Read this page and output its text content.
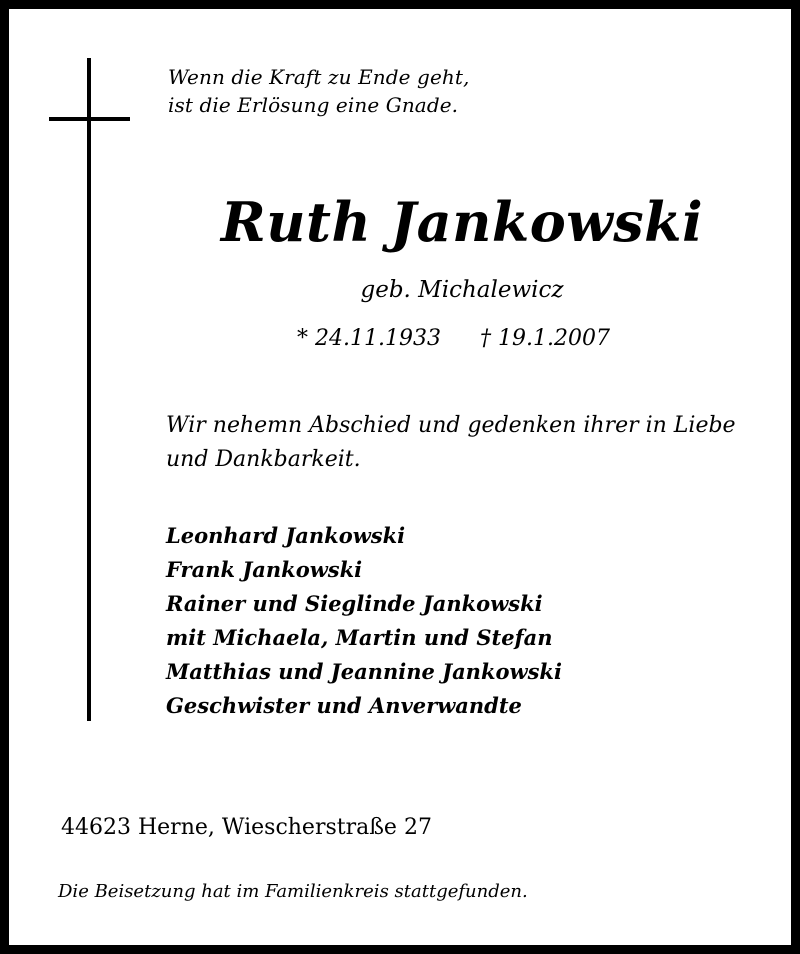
Wenn die Kraft zu Ende geht,
ist die Erlösung eine Gnade.
Ruth Jankowski
geb. Michalewicz
* 24.11.1933 † 19.1.2007
Wir nehemn Abschied und gedenken ihrer in Liebe
und Dankbarkeit.
Leonhard Jankowski
Frank Jankowski
Rainer und Sieglinde Jankowski
mit Michaela, Martin und Stefan
Matthias und Jeannine Jankowski
Geschwister und Anverwandte
44623 Herne, Wiescherstraße 27
Die Beisetzung hat im Familienkreis stattgefunden.
